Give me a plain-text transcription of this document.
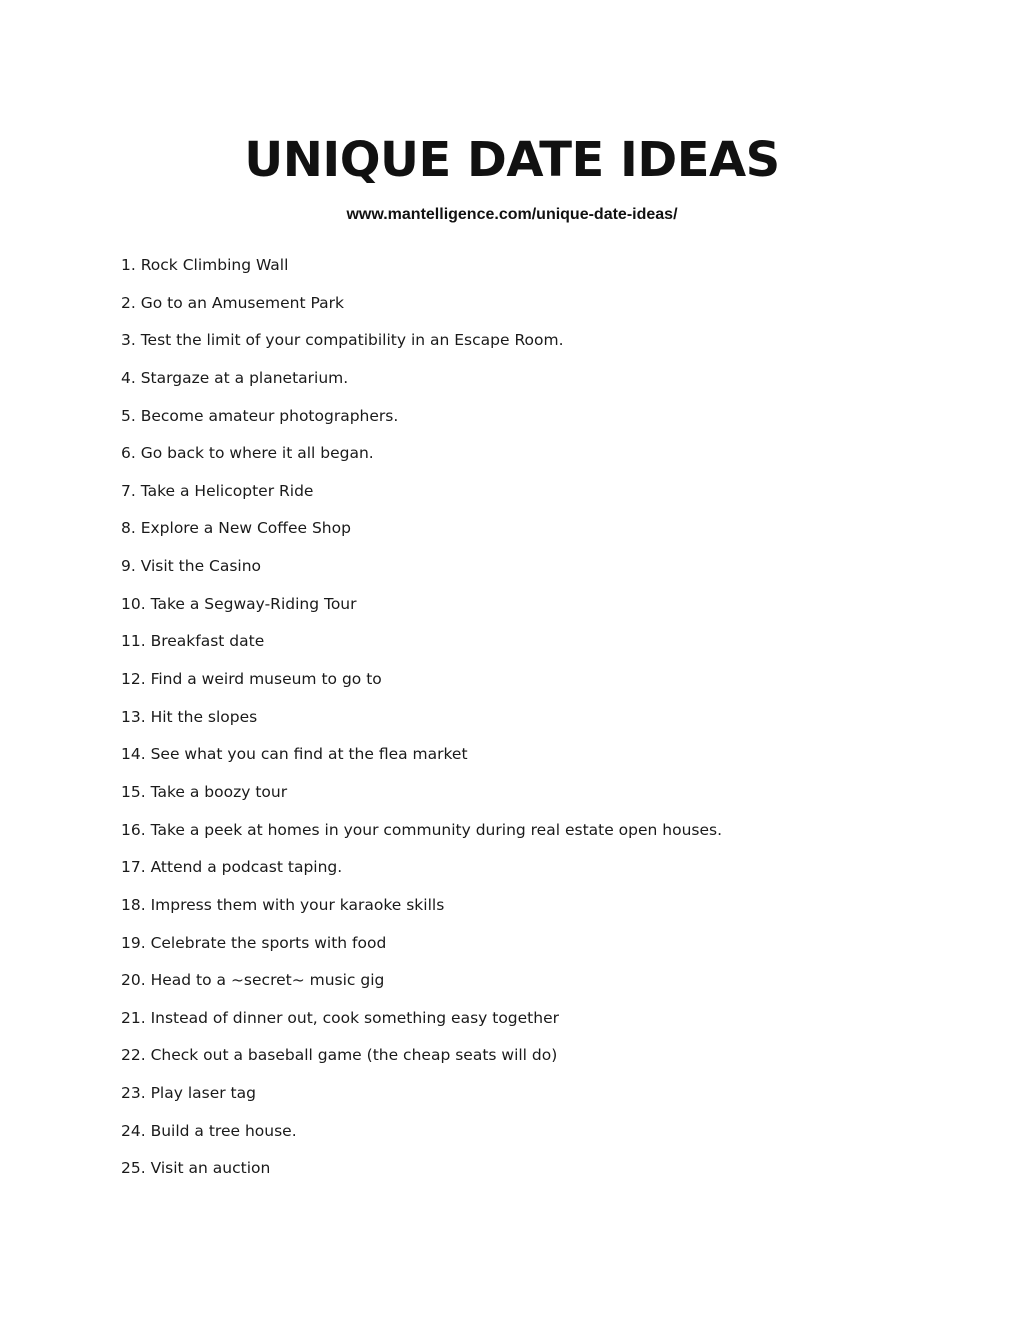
UNIQUE DATE IDEAS
www.mantelligence.com/unique-date-ideas/
1. Rock Climbing Wall
2. Go to an Amusement Park
3. Test the limit of your compatibility in an Escape Room.
4. Stargaze at a planetarium.
5. Become amateur photographers.
6. Go back to where it all began.
7. Take a Helicopter Ride
8. Explore a New Coffee Shop
9. Visit the Casino
10. Take a Segway-Riding Tour
11. Breakfast date
12. Find a weird museum to go to
13. Hit the slopes
14. See what you can find at the flea market
15. Take a boozy tour
16. Take a peek at homes in your community during real estate open houses.
17. Attend a podcast taping.
18. Impress them with your karaoke skills
19. Celebrate the sports with food
20. Head to a ~secret~ music gig
21. Instead of dinner out, cook something easy together
22. Check out a baseball game (the cheap seats will do)
23. Play laser tag
24. Build a tree house.
25. Visit an auction
